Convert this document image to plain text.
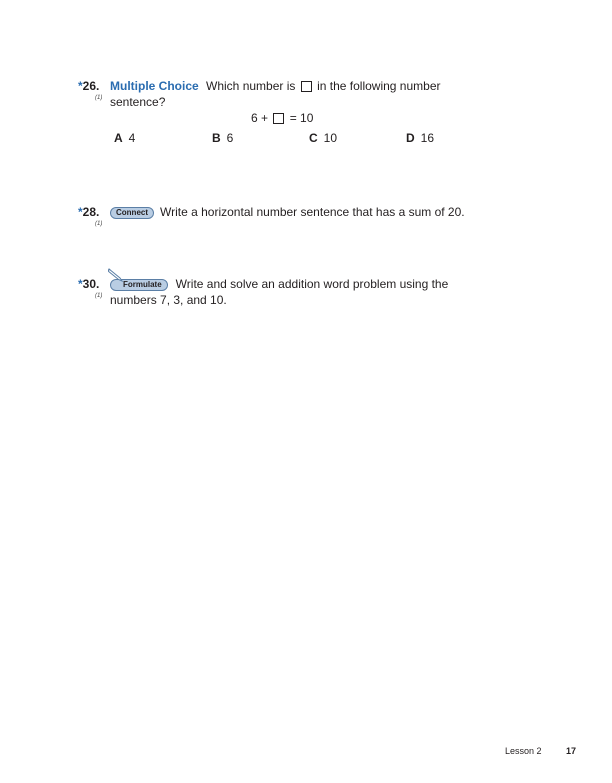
*26.
(1)
Multiple Choice Which number is in the following number sentence?
6 + = 10
A 4	B 6	C 10	D 16
*28.
(1)
Connect Write a horizontal number sentence that has a sum of 20.
*30.
(1)
Formulate Write and solve an addition word problem using the numbers 7, 3, and 10.
Lesson 2	17
